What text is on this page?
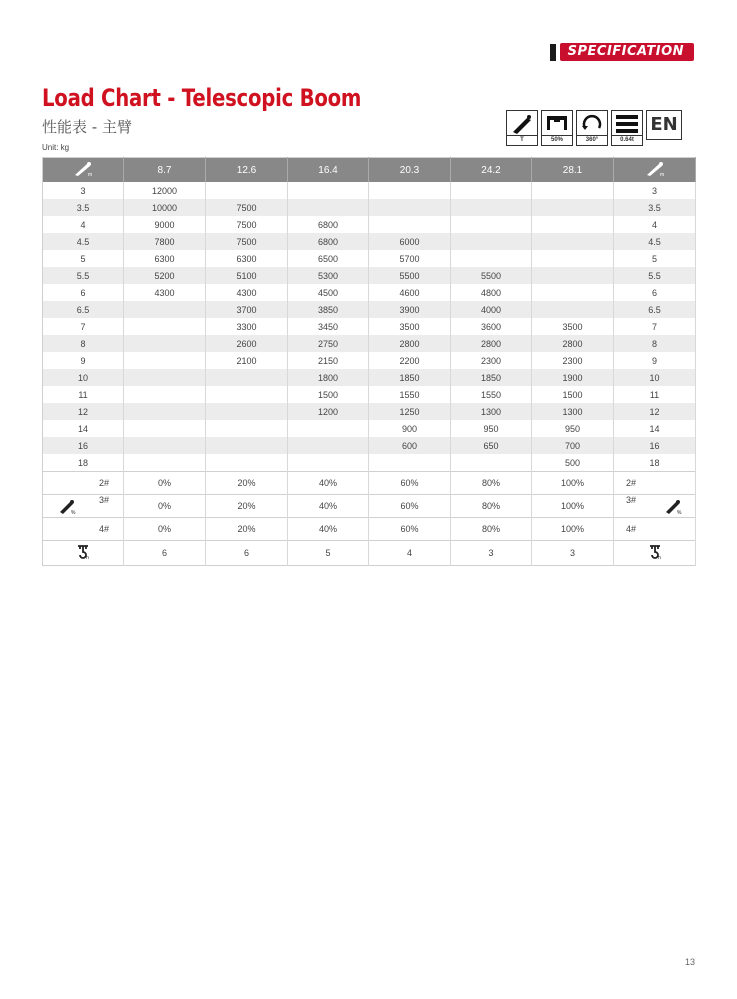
SPECIFICATION
Load Chart - Telescopic Boom
性能表 - 主臂
Unit: kg
T	50%	360°	0.64t
EN
m	8.7	12.6	16.4	20.3	24.2	28.1	m

3	12000						3
3.5	10000	7500					3.5
4	9000	7500	6800				4
4.5	7800	7500	6800	6000			4.5
5	6300	6300	6500	5700			5
5.5	5200	5100	5300	5500	5500		5.5
6	4300	4300	4500	4600	4800		6
6.5		3700	3850	3900	4000		6.5
7		3300	3450	3500	3600	3500	7
8		2600	2750	2800	2800	2800	8
9		2100	2150	2200	2300	2300	9
10			1800	1850	1850	1900	10
11			1500	1550	1550	1500	11
12			1200	1250	1300	1300	12
14				900	950	950	14
16				600	650	700	16
18						500	18
2#	0%	20%	40%	60%	80%	100%	2#

%
3#	0%	20%	40%	60%	80%	100%	3#
%

4#	0%	20%	40%	60%	80%	100%	4#

n	6	6	5	4	3	3	n
13
